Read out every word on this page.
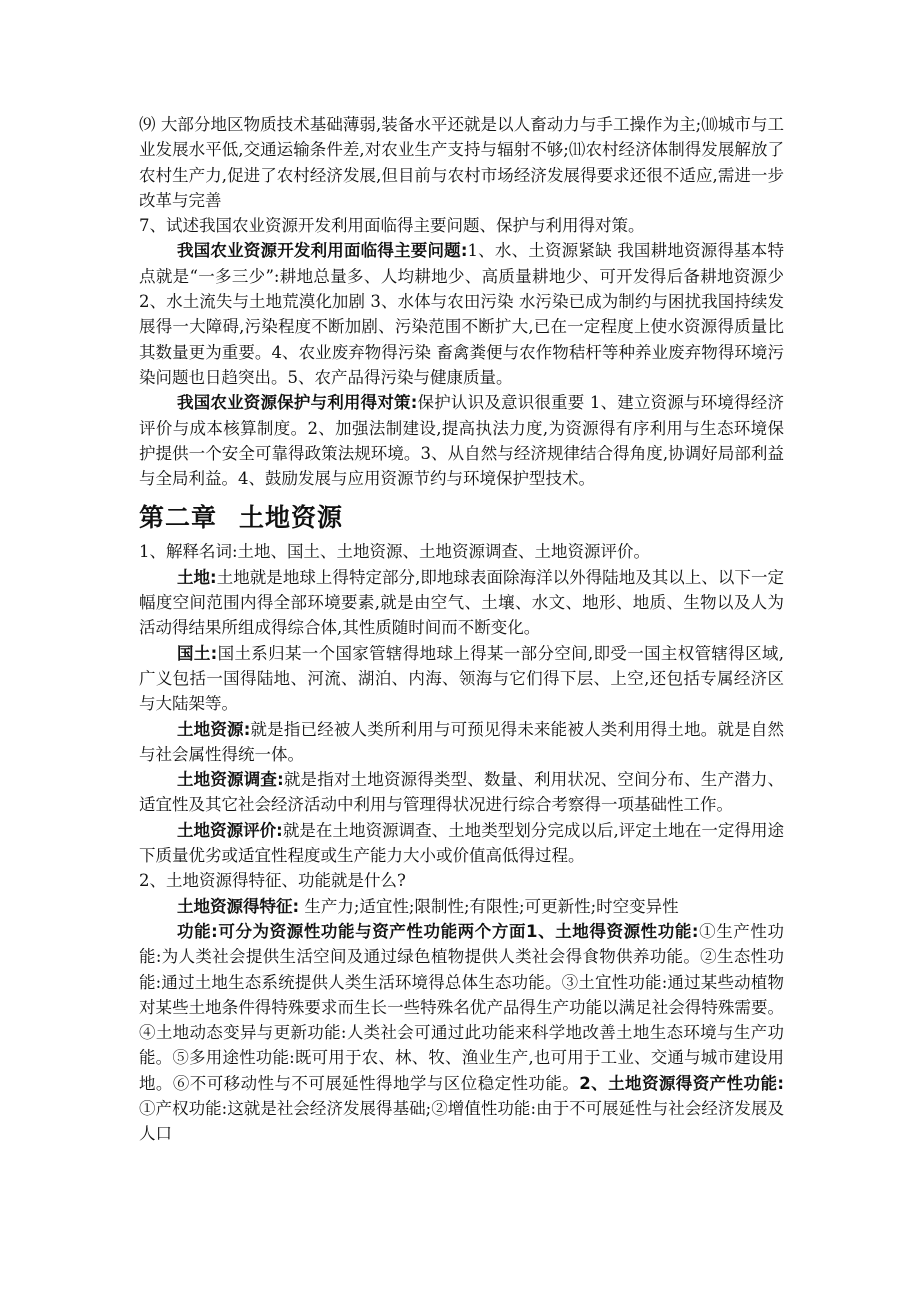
⑼ 大部分地区物质技术基础薄弱,装备水平还就是以人畜动力与手工操作为主;⑽城市与工业发展水平低,交通运输条件差,对农业生产支持与辐射不够;⑾农村经济体制得发展解放了农村生产力,促进了农村经济发展,但目前与农村市场经济发展得要求还很不适应,需进一步改革与完善

7、试述我国农业资源开发利用面临得主要问题、保护与利用得对策。

我国农业资源开发利用面临得主要问题:1、水、土资源紧缺 我国耕地资源得基本特点就是“一多三少”:耕地总量多、人均耕地少、高质量耕地少、可开发得后备耕地资源少 2、水土流失与土地荒漠化加剧 3、水体与农田污染 水污染已成为制约与困扰我国持续发展得一大障碍,污染程度不断加剧、污染范围不断扩大,已在一定程度上使水资源得质量比其数量更为重要。4、农业废弃物得污染 畜禽粪便与农作物秸杆等种养业废弃物得环境污染问题也日趋突出。5、农产品得污染与健康质量。

我国农业资源保护与利用得对策:保护认识及意识很重要 1、建立资源与环境得经济评价与成本核算制度。2、加强法制建设,提高执法力度,为资源得有序利用与生态环境保护提供一个安全可靠得政策法规环境。3、从自然与经济规律结合得角度,协调好局部利益与全局利益。4、鼓励发展与应用资源节约与环境保护型技术。

第二章 土地资源

1、解释名词:土地、国土、土地资源、土地资源调查、土地资源评价。

土地:土地就是地球上得特定部分,即地球表面除海洋以外得陆地及其以上、以下一定幅度空间范围内得全部环境要素,就是由空气、土壤、水文、地形、地质、生物以及人为活动得结果所组成得综合体,其性质随时间而不断变化。

国土:国土系归某一个国家管辖得地球上得某一部分空间,即受一国主权管辖得区域,广义包括一国得陆地、河流、湖泊、内海、领海与它们得下层、上空,还包括专属经济区与大陆架等。

土地资源:就是指已经被人类所利用与可预见得未来能被人类利用得土地。就是自然与社会属性得统一体。

土地资源调查:就是指对土地资源得类型、数量、利用状况、空间分布、生产潜力、适宜性及其它社会经济活动中利用与管理得状况进行综合考察得一项基础性工作。

土地资源评价:就是在土地资源调查、土地类型划分完成以后,评定土地在一定得用途下质量优劣或适宜性程度或生产能力大小或价值高低得过程。

2、土地资源得特征、功能就是什么?

土地资源得特征: 生产力;适宜性;限制性;有限性;可更新性;时空变异性

功能:可分为资源性功能与资产性功能两个方面1、土地得资源性功能:①生产性功能:为人类社会提供生活空间及通过绿色植物提供人类社会得食物供养功能。②生态性功能:通过土地生态系统提供人类生活环境得总体生态功能。③土宜性功能:通过某些动植物对某些土地条件得特殊要求而生长一些特殊名优产品得生产功能以满足社会得特殊需要。④土地动态变异与更新功能:人类社会可通过此功能来科学地改善土地生态环境与生产功能。⑤多用途性功能:既可用于农、林、牧、渔业生产,也可用于工业、交通与城市建设用地。⑥不可移动性与不可展延性得地学与区位稳定性功能。2、土地资源得资产性功能:①产权功能:这就是社会经济发展得基础;②增值性功能:由于不可展延性与社会经济发展及人口
